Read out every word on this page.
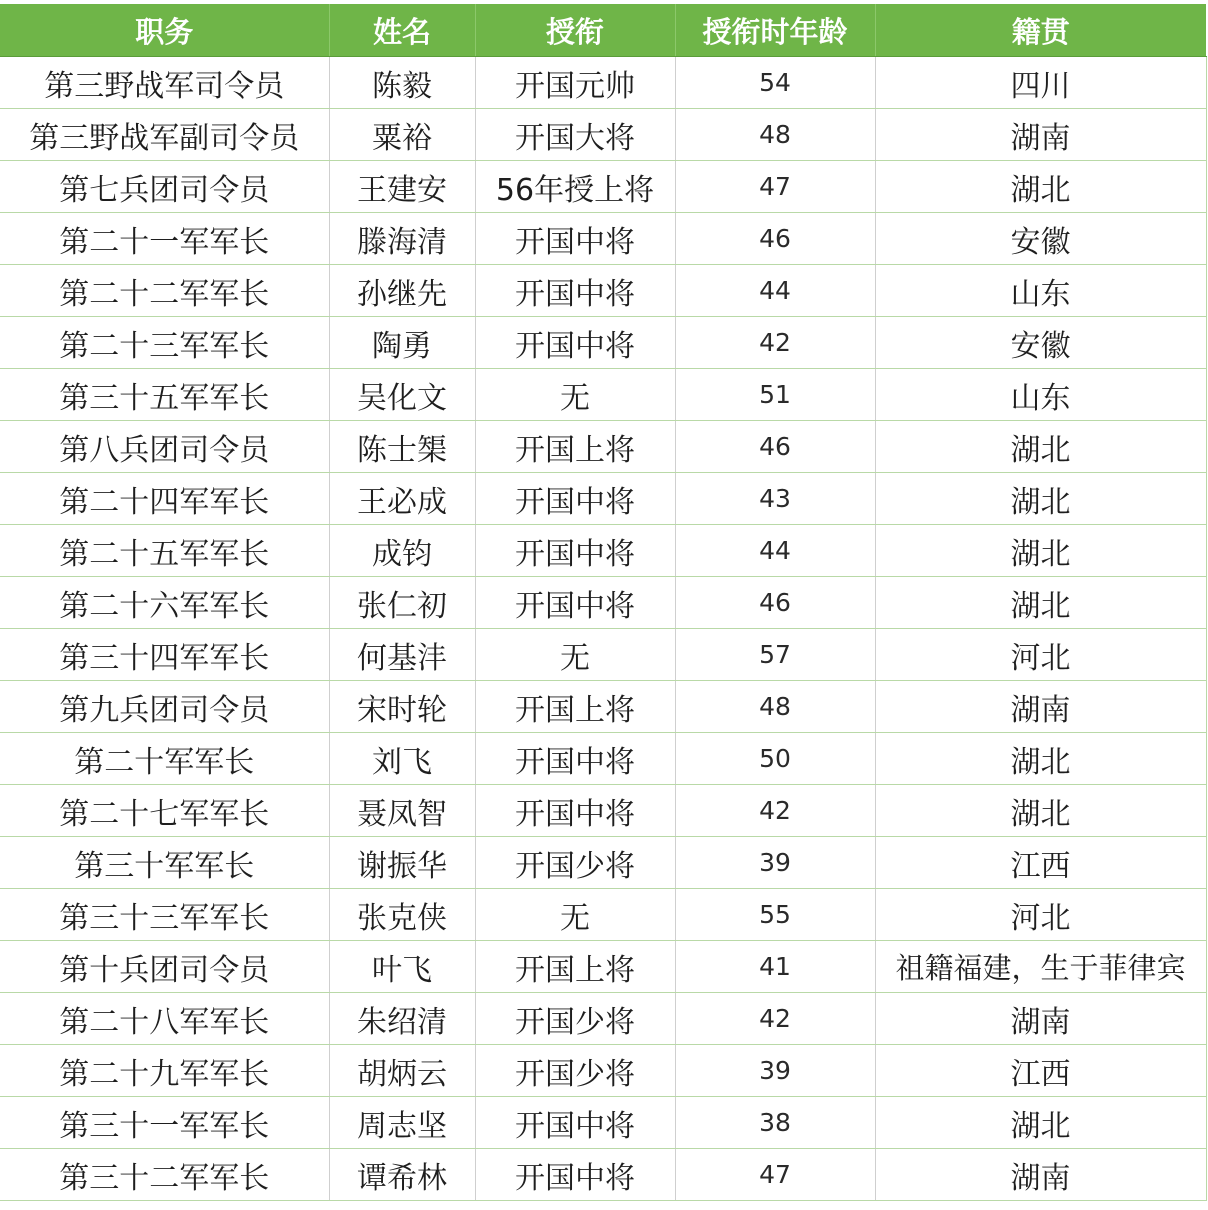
职务	姓名	授衔	授衔时年龄	籍贯
第三野战军司令员	陈毅	开国元帅	54	四川
第三野战军副司令员	粟裕	开国大将	48	湖南
第七兵团司令员	王建安	56年授上将	47	湖北
第二十一军军长	滕海清	开国中将	46	安徽
第二十二军军长	孙继先	开国中将	44	山东
第二十三军军长	陶勇	开国中将	42	安徽
第三十五军军长	吴化文	无	51	山东
第八兵团司令员	陈士榘	开国上将	46	湖北
第二十四军军长	王必成	开国中将	43	湖北
第二十五军军长	成钧	开国中将	44	湖北
第二十六军军长	张仁初	开国中将	46	湖北
第三十四军军长	何基沣	无	57	河北
第九兵团司令员	宋时轮	开国上将	48	湖南
第二十军军长	刘飞	开国中将	50	湖北
第二十七军军长	聂凤智	开国中将	42	湖北
第三十军军长	谢振华	开国少将	39	江西
第三十三军军长	张克侠	无	55	河北
第十兵团司令员	叶飞	开国上将	41	祖籍福建，生于菲律宾
第二十八军军长	朱绍清	开国少将	42	湖南
第二十九军军长	胡炳云	开国少将	39	江西
第三十一军军长	周志坚	开国中将	38	湖北
第三十二军军长	谭希林	开国中将	47	湖南
